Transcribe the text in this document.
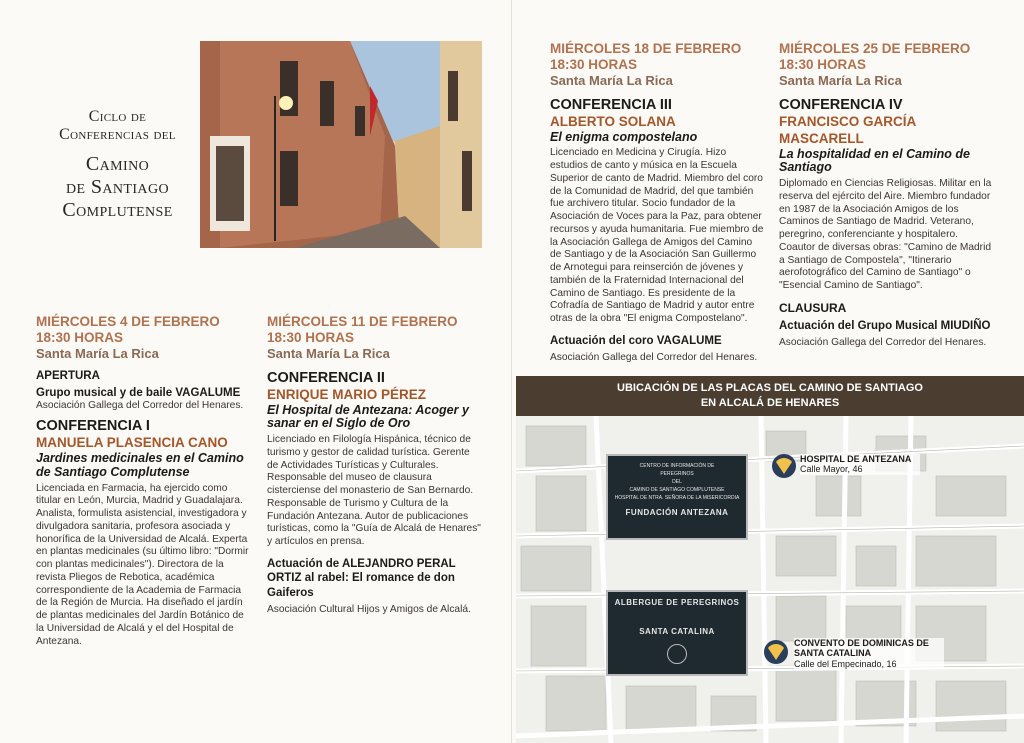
Ciclo de
Conferencias del
Camino
de Santiago
Complutense
MIÉRCOLES 4 DE FEBRERO
18:30 HORAS
Santa María La Rica
APERTURA
Grupo musical y de baile VAGALUME
Asociación Gallega del Corredor del Henares.
CONFERENCIA I
MANUELA PLASENCIA CANO
Jardines medicinales en el Camino de Santiago Complutense
Licenciada en Farmacia, ha ejercido como titular en León, Murcia, Madrid y Guadalajara. Analista, formulista asistencial, investigadora y divulgadora sanitaria, profesora asociada y honorífica de la Universidad de Alcalá. Experta en plantas medicinales (su último libro: "Dormir con plantas medicinales"). Directora de la revista Pliegos de Rebotica, académica correspondiente de la Academia de Farmacia de la Región de Murcia. Ha diseñado el jardín de plantas medicinales del Jardín Botánico de la Universidad de Alcalá y el del Hospital de Antezana.
MIÉRCOLES 11 DE FEBRERO
18:30 HORAS
Santa María La Rica
CONFERENCIA II
ENRIQUE MARIO PÉREZ
El Hospital de Antezana: Acoger y sanar en el Siglo de Oro
Licenciado en Filología Hispánica, técnico de turismo y gestor de calidad turística. Gerente de Actividades Turísticas y Culturales. Responsable del museo de clausura cisterciense del monasterio de San Bernardo. Responsable de Turismo y Cultura de la Fundación Antezana. Autor de publicaciones turísticas, como la "Guía de Alcalá de Henares" y artículos en prensa.
Actuación de ALEJANDRO PERAL ORTIZ al rabel: El romance de don Gaiferos
Asociación Cultural Hijos y Amigos de Alcalá.
MIÉRCOLES 18 DE FEBRERO
18:30 HORAS
Santa María La Rica
CONFERENCIA III
ALBERTO SOLANA
El enigma compostelano
Licenciado en Medicina y Cirugía. Hizo estudios de canto y música en la Escuela Superior de canto de Madrid. Miembro del coro de la Comunidad de Madrid, del que también fue archivero titular. Socio fundador de la Asociación de Voces para la Paz, para obtener recursos y ayuda humanitaria. Fue miembro de la Asociación Gallega de Amigos del Camino de Santiago y de la Asociación San Guillermo de Arnotegui para reinserción de jóvenes y también de la Fraternidad Internacional del Camino de Santiago. Es presidente de la Cofradía de Santiago de Madrid y autor entre otras de la obra "El enigma Compostelano".
Actuación del coro VAGALUME
Asociación Gallega del Corredor del Henares.
MIÉRCOLES 25 DE FEBRERO
18:30 HORAS
Santa María La Rica
CONFERENCIA IV
FRANCISCO GARCÍA MASCARELL
La hospitalidad en el Camino de Santiago
Diplomado en Ciencias Religiosas. Militar en la reserva del ejército del Aire. Miembro fundador en 1987 de la Asociación Amigos de los Caminos de Santiago de Madrid. Veterano, peregrino, conferenciante y hospitalero. Coautor de diversas obras: "Camino de Madrid a Santiago de Compostela", "Itinerario aerofotográfico del Camino de Santiago" o "Esencial Camino de Santiago".
CLAUSURA
Actuación del Grupo Musical MIUDIÑO
Asociación Gallega del Corredor del Henares.
UBICACIÓN DE LAS PLACAS DEL CAMINO DE SANTIAGO
EN ALCALÁ DE HENARES
CENTRO DE INFORMACIÓN DE
PEREGRINOS
DEL
CAMINO DE SANTIAGO COMPLUTENSE
HOSPITAL DE NTRA. SEÑORA DE LA MISERICORDIA
FUNDACIÓN ANTEZANA
ALBERGUE DE PEREGRINOS
SANTA CATALINA
HOSPITAL DE ANTEZANA
Calle Mayor, 46
CONVENTO DE DOMINICAS DE SANTA CATALINA
Calle del Empecinado, 16
